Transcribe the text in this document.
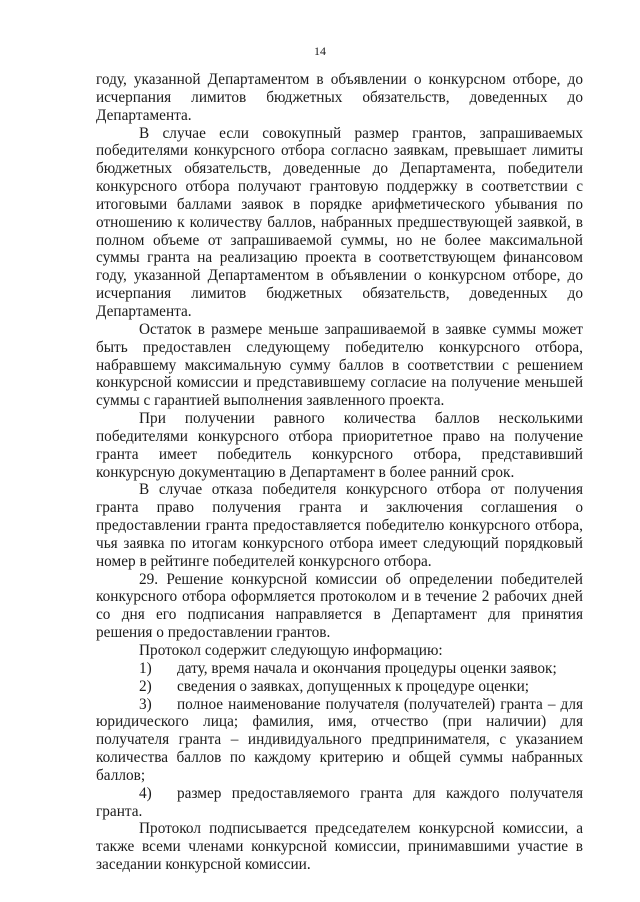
14

году, указанной Департаментом в объявлении о конкурсном отборе, до исчерпания лимитов бюджетных обязательств, доведенных до Департамента.

В случае если совокупный размер грантов, запрашиваемых победителями конкурсного отбора согласно заявкам, превышает лимиты бюджетных обязательств, доведенные до Департамента, победители конкурсного отбора получают грантовую поддержку в соответствии с итоговыми баллами заявок в порядке арифметического убывания по отношению к количеству баллов, набранных предшествующей заявкой, в полном объеме от запрашиваемой суммы, но не более максимальной суммы гранта на реализацию проекта в соответствующем финансовом году, указанной Департаментом в объявлении о конкурсном отборе, до исчерпания лимитов бюджетных обязательств, доведенных до Департамента.

Остаток в размере меньше запрашиваемой в заявке суммы может быть предоставлен следующему победителю конкурсного отбора, набравшему максимальную сумму баллов в соответствии с решением конкурсной комиссии и представившему согласие на получение меньшей суммы с гарантией выполнения заявленного проекта.

При получении равного количества баллов несколькими победителями конкурсного отбора приоритетное право на получение гранта имеет победитель конкурсного отбора, представивший конкурсную документацию в Департамент в более ранний срок.

В случае отказа победителя конкурсного отбора от получения гранта право получения гранта и заключения соглашения о предоставлении гранта предоставляется победителю конкурсного отбора, чья заявка по итогам конкурсного отбора имеет следующий порядковый номер в рейтинге победителей конкурсного отбора.

29. Решение конкурсной комиссии об определении победителей конкурсного отбора оформляется протоколом и в течение 2 рабочих дней со дня его подписания направляется в Департамент для принятия решения о предоставлении грантов.

Протокол содержит следующую информацию:

1) дату, время начала и окончания процедуры оценки заявок;

2) сведения о заявках, допущенных к процедуре оценки;

3) полное наименование получателя (получателей) гранта – для юридического лица; фамилия, имя, отчество (при наличии) для получателя гранта – индивидуального предпринимателя, с указанием количества баллов по каждому критерию и общей суммы набранных баллов;

4) размер предоставляемого гранта для каждого получателя гранта.

Протокол подписывается председателем конкурсной комиссии, а также всеми членами конкурсной комиссии, принимавшими участие в заседании конкурсной комиссии.
